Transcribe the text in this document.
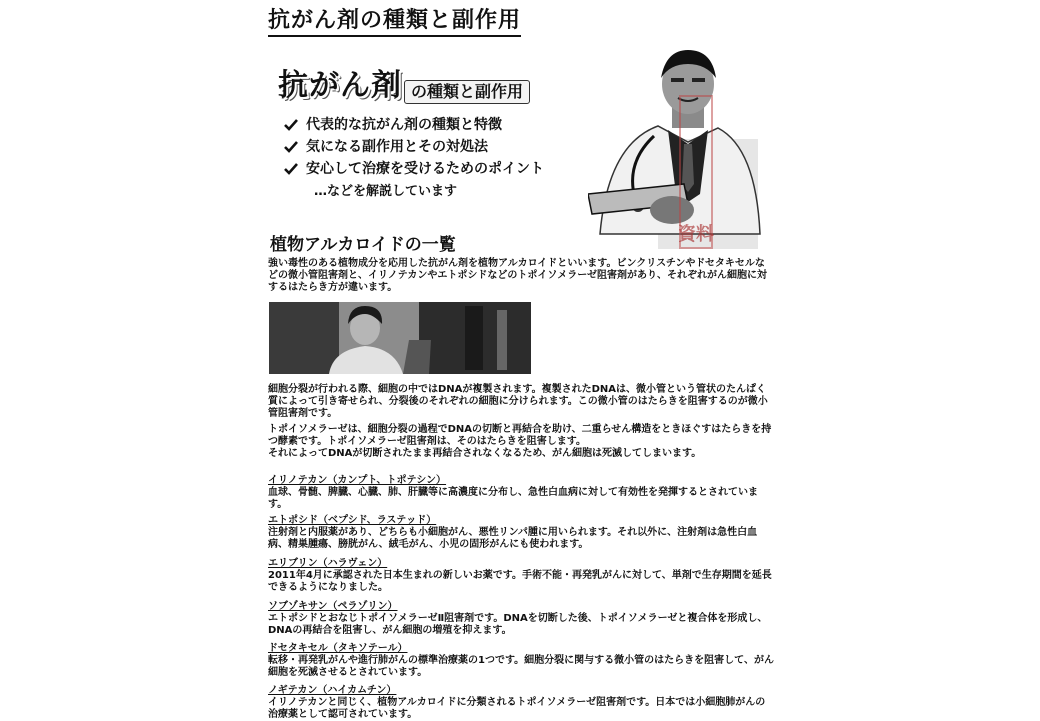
抗がん剤の種類と副作用
抗がん剤 の種類と副作用
代表的な抗がん剤の種類と特徴
気になる副作用とその対処法
安心して治療を受けるためのポイント

…などを解説しています

資料
植物アルカロイドの一覧

強い毒性のある植物成分を応用した抗がん剤を植物アルカロイドといいます。ビンクリスチンやドセタキセルなどの微小管阻害剤と、イリノテカンやエトポシドなどのトポイソメラーゼ阻害剤があり、それぞれがん細胞に対するはたらき方が違います。

細胞分裂が行われる際、細胞の中ではDNAが複製されます。複製されたDNAは、微小管という管状のたんぱく質によって引き寄せられ、分裂後のそれぞれの細胞に分けられます。この微小管のはたらきを阻害するのが微小管阻害剤です。

トポイソメラーゼは、細胞分裂の過程でDNAの切断と再結合を助け、二重らせん構造をときほぐすはたらきを持つ酵素です。トポイソメラーゼ阻害剤は、そのはたらきを阻害します。

それによってDNAが切断されたまま再結合されなくなるため、がん細胞は死滅してしまいます。

イリノテカン（カンプト、トポテシン）

血球、骨髄、脾臓、心臓、肺、肝臓等に高濃度に分布し、急性白血病に対して有効性を発揮するとされています。

エトポシド（ベプシド、ラステッド）

注射剤と内服薬があり、どちらも小細胞がん、悪性リンパ腫に用いられます。それ以外に、注射剤は急性白血病、精巣腫瘍、膀胱がん、絨毛がん、小児の固形がんにも使われます。

エリブリン（ハラヴェン）

2011年4月に承認された日本生まれの新しいお薬です。手術不能・再発乳がんに対して、単剤で生存期間を延長できるようになりました。

ソブゾキサン（ペラゾリン）

エトポシドとおなじトポイソメラーゼⅡ阻害剤です。DNAを切断した後、トポイソメラーゼと複合体を形成し、DNAの再結合を阻害し、がん細胞の増殖を抑えます。

ドセタキセル（タキソテール）

転移・再発乳がんや進行肺がんの標準治療薬の1つです。細胞分裂に関与する微小管のはたらきを阻害して、がん細胞を死滅させるとされています。

ノギテカン（ハイカムチン）

イリノテカンと同じく、植物アルカロイドに分類されるトポイソメラーゼ阻害剤です。日本では小細胞肺がんの治療薬として認可されています。
